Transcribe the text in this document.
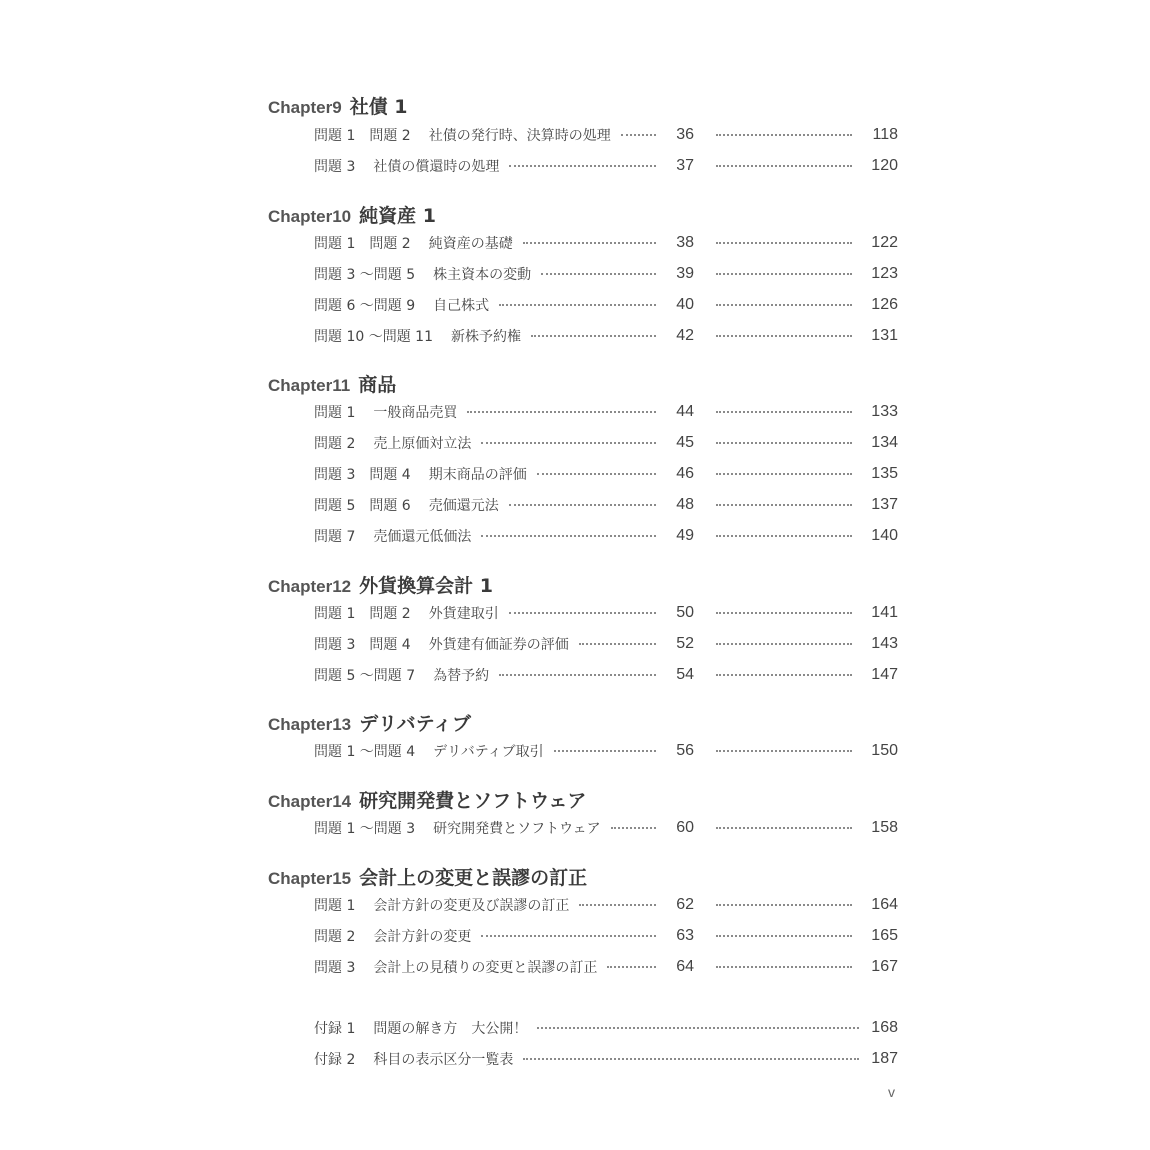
Chapter9 社債 1
問題 1　問題 2 社債の発行時、決算時の処理	36	118
問題 3 社債の償還時の処理	37	120
Chapter10 純資産 1
問題 1　問題 2 純資産の基礎	38	122
問題 3 ～問題 5 株主資本の変動	39	123
問題 6 ～問題 9 自己株式	40	126
問題 10 ～問題 11 新株予約権	42	131
Chapter11 商品
問題 1 一般商品売買	44	133
問題 2 売上原価対立法	45	134
問題 3　問題 4 期末商品の評価	46	135
問題 5　問題 6 売価還元法	48	137
問題 7 売価還元低価法	49	140
Chapter12 外貨換算会計 1
問題 1　問題 2 外貨建取引	50	141
問題 3　問題 4 外貨建有価証券の評価	52	143
問題 5 ～問題 7 為替予約	54	147
Chapter13 デリバティブ
問題 1 ～問題 4 デリバティブ取引	56	150
Chapter14 研究開発費とソフトウェア
問題 1 ～問題 3 研究開発費とソフトウェア	60	158
Chapter15 会計上の変更と誤謬の訂正
問題 1 会計方針の変更及び誤謬の訂正	62	164
問題 2 会計方針の変更	63	165
問題 3 会計上の見積りの変更と誤謬の訂正	64	167
付録 1 問題の解き方　大公開！	168
付録 2 科目の表示区分一覧表	187
v
